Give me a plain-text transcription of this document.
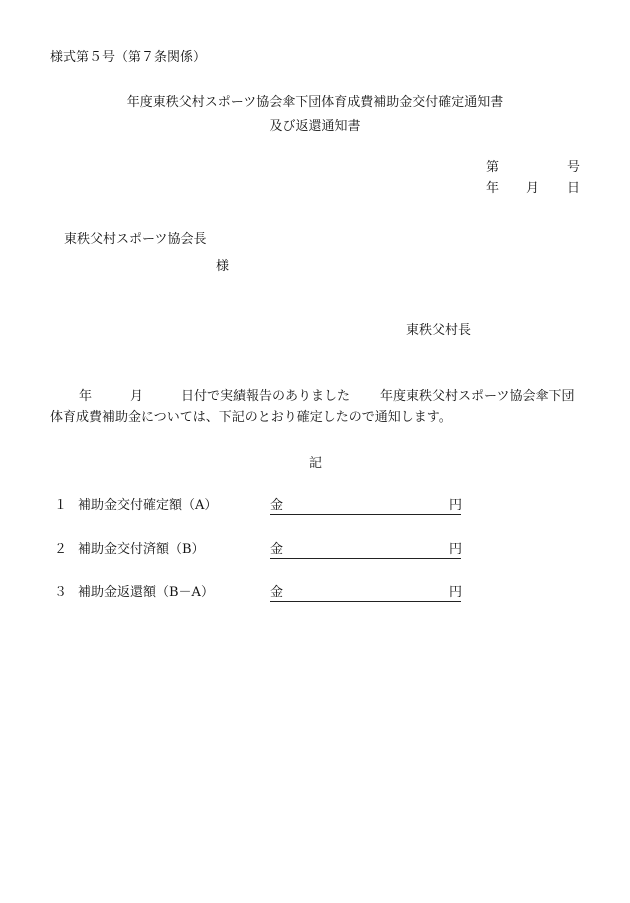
様式第５号（第７条関係）
年度東秩父村スポーツ協会傘下団体育成費補助金交付確定通知書
及び返還通知書
第	号
年 月 日
東秩父村スポーツ協会長
様
東秩父村長
年	月	日付で実績報告のありました 年度東秩父村スポーツ協会傘下団
体育成費補助金については、下記のとおり確定したので通知します。
記
１ 補助金交付確定額（A）	金	円
２ 補助金交付済額（B）	金	円
３ 補助金返還額（B－A）	金	円
